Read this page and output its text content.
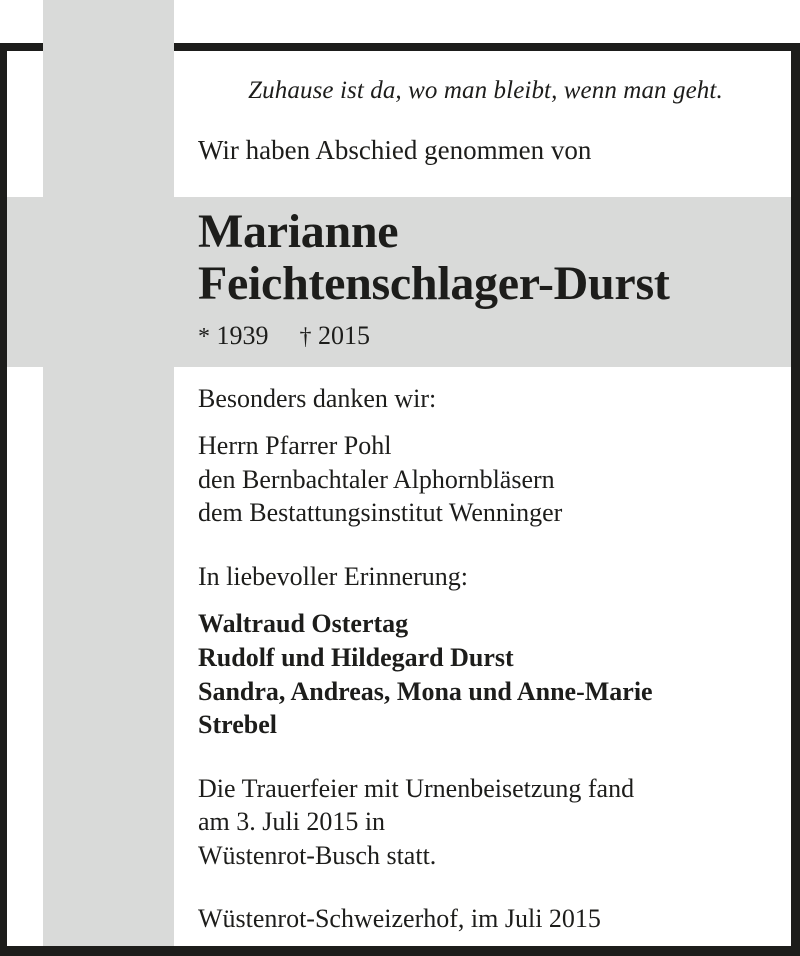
Zuhause ist da, wo man bleibt, wenn man geht.
Wir haben Abschied genommen von
Marianne
Feichtenschlager-Durst
* 1939 † 2015
Besonders danken wir:
Herrn Pfarrer Pohl
den Bernbachtaler Alphornbläsern
dem Bestattungsinstitut Wenninger
In liebevoller Erinnerung:
Waltraud Ostertag
Rudolf und Hildegard Durst
Sandra, Andreas, Mona und Anne-Marie
Strebel
Die Trauerfeier mit Urnenbeisetzung fand
am 3. Juli 2015 in
Wüstenrot-Busch statt.
Wüstenrot-Schweizerhof, im Juli 2015
